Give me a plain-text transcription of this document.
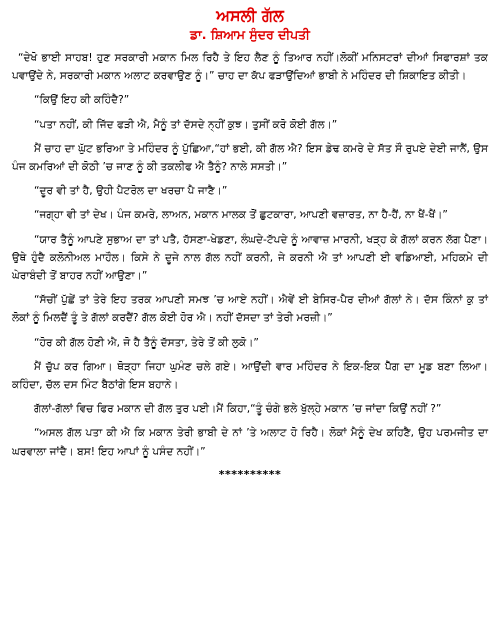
ਅਸਲੀ ਗੱਲ
ਡਾ. ਸ਼ਿਆਮ ਸੁੰਦਰ ਦੀਪਤੀ

“ਦੇਖੋ ਭਾਈ ਸਾਹਬ! ਹੁਣ ਸਰਕਾਰੀ ਮਕਾਨ ਮਿਲ ਰਿਹੈ ਤੇ ਇਹ ਲੈਣ ਨੂੰ ਤਿਆਰ ਨਹੀਂ।ਲੋਕੀਂ ਮਨਿਸਟਰਾਂ ਦੀਆਂ ਸਿਫਾਰਸ਼ਾਂ ਤਕ ਪਵਾਉਂਦੇ ਨੇ, ਸਰਕਾਰੀ ਮਕਾਨ ਅਲਾਟ ਕਰਵਾਉਣ ਨੂੰ।” ਚਾਹ ਦਾ ਕੱਪ ਫੜਾਉਂਦਿਆਂ ਭਾਬੀ ਨੇ ਮਹਿੰਦਰ ਦੀ ਸ਼ਿਕਾਇਤ ਕੀਤੀ।

“ਕਿਉਂ ਇਹ ਕੀ ਕਹਿੰਦੈ?”

“ਪਤਾ ਨਹੀਂ, ਕੀ ਜਿੱਦ ਫੜੀ ਐ, ਮੈਨੂੰ ਤਾਂ ਦੱਸਦੇ ਨ੍ਹੀਂ ਕੁਝ। ਤੁਸੀਂ ਕਰੋ ਕੋਈ ਗੱਲ।”

ਮੈਂ ਚਾਹ ਦਾ ਘੁੱਟ ਭਰਿਆ ਤੇ ਮਹਿੰਦਰ ਨੂੰ ਪੁੱਛਿਆ,“ਹਾਂ ਭਈ, ਕੀ ਗੱਲ ਐ? ਇਸ ਡੇਢ ਕਮਰੇ ਦੇ ਸੱਤ ਸੌ ਰੁਪਏ ਦੇਈ ਜਾਨੈਂ, ਉਸ ਪੰਜ ਕਮਰਿਆਂ ਦੀ ਕੋਠੀ ’ਚ ਜਾਣ ਨੂੰ ਕੀ ਤਕਲੀਫ ਐ ਤੈਨੂੰ? ਨਾਲੇ ਸਸਤੀ।”

“ਦੂਰ ਵੀ ਤਾਂ ਹੈ, ਉਹੀ ਪੈਟਰੋਲ ਦਾ ਖਰਚਾ ਪੈ ਜਾਣੈ।”

“ਜਗ੍ਹਾ ਵੀ ਤਾਂ ਦੇਖ। ਪੰਜ ਕਮਰੇ, ਲਾਅਨ, ਮਕਾਨ ਮਾਲਕ ਤੋਂ ਛੁਟਕਾਰਾ, ਆਪਣੀ ਵਜ਼ਾਰਤ, ਨਾ ਹੈ-ਹੈਂ, ਨਾ ਖੈਂ-ਖੈਂ।”

“ਯਾਰ ਤੈਨੂੰ ਆਪਣੇ ਸੁਭਾਅ ਦਾ ਤਾਂ ਪਤੈ, ਹੱਸਣਾ-ਖੇਡਣਾ, ਲੰਘਦੇ-ਟੱਪਦੇ ਨੂੰ ਆਵਾਜ਼ ਮਾਰਨੀ, ਖੜ੍ਹ ਕੇ ਗੱਲਾਂ ਕਰਨ ਲੱਗ ਪੈਣਾ। ਉਥੇ ਹੁੰਦੈ ਕਲੋਨੀਅਲ ਮਾਹੌਲ। ਕਿਸੇ ਨੇ ਦੂਜੇ ਨਾਲ ਗੱਲ ਨਹੀਂ ਕਰਨੀ, ਜੇ ਕਰਨੀ ਐ ਤਾਂ ਆਪਣੀ ਈ ਵਡਿਆਈ, ਮਹਿਕਮੇ ਦੀ ਘੇਰਾਬੰਦੀ ਤੋਂ ਬਾਹਰ ਨਹੀਂ ਆਉਣਾ।”

“ਸੱਚੀਂ ਪੁੱਛੇਂ ਤਾਂ ਤੇਰੇ ਇਹ ਤਰਕ ਆਪਣੀ ਸਮਝ ’ਚ ਆਏ ਨਹੀਂ। ਐਵੇਂ ਈ ਬੇਸਿਰ-ਪੈਰ ਦੀਆਂ ਗੱਲਾਂ ਨੇ। ਦੱਸ ਕਿੰਨਾਂ ਕੁ ਤਾਂ ਲੋਕਾਂ ਨੂੰ ਮਿਲਦੈਂ ਤੂੰ ਤੇ ਗੱਲਾਂ ਕਰਦੈਂ? ਗੱਲ ਕੋਈ ਹੋਰ ਐ। ਨਹੀਂ ਦੱਸਦਾ ਤਾਂ ਤੇਰੀ ਮਰਜ਼ੀ।”

“ਹੋਰ ਕੀ ਗੱਲ ਹੋਣੀ ਐ, ਜੋ ਹੈ ਤੈਨੂੰ ਦੱਸਤਾ, ਤੇਰੇ ਤੋਂ ਕੀ ਲੁਕੋ।”

ਮੈਂ ਚੁੱਪ ਕਰ ਗਿਆ। ਥੋੜ੍ਹਾ ਜਿਹਾ ਘੁਮੰਣ ਚਲੇ ਗਏ। ਆਉਂਦੀ ਵਾਰ ਮਹਿੰਦਰ ਨੇ ਇਕ-ਇਕ ਪੈੱਗ ਦਾ ਮੂਡ ਬਣਾ ਲਿਆ।ਕਹਿੰਦਾ, ਚੱਲ ਦਸ ਮਿੰਟ ਬੈਠਾਂਗੇ ਇਸ ਬਹਾਨੇ।

ਗੱਲਾਂ-ਗੱਲਾਂ ਵਿਚ ਫਿਰ ਮਕਾਨ ਦੀ ਗੱਲ ਤੁਰ ਪਈ।ਮੈਂ ਕਿਹਾ,“ਤੂੰ ਚੰਗੇ ਭਲੇ ਖੁੱਲ੍ਹੇ ਮਕਾਨ ’ਚ ਜਾਂਦਾ ਕਿਉਂ ਨਹੀਂ ?”

“ਅਸਲ ਗੱਲ ਪਤਾ ਕੀ ਐ ਕਿ ਮਕਾਨ ਤੇਰੀ ਭਾਬੀ ਦੇ ਨਾਂ ’ਤੇ ਅਲਾਟ ਹੋ ਰਿਹੈ। ਲੋਕਾਂ ਮੈਨੂੰ ਦੇਖ ਕਹਿਣੈ, ਉਹ ਪਰਮਜੀਤ ਦਾ ਘਰਵਾਲਾ ਜਾਂਦੈ। ਬਸ! ਇਹ ਆਪਾਂ ਨੂੰ ਪਸੰਦ ਨਹੀਂ।”

**********
